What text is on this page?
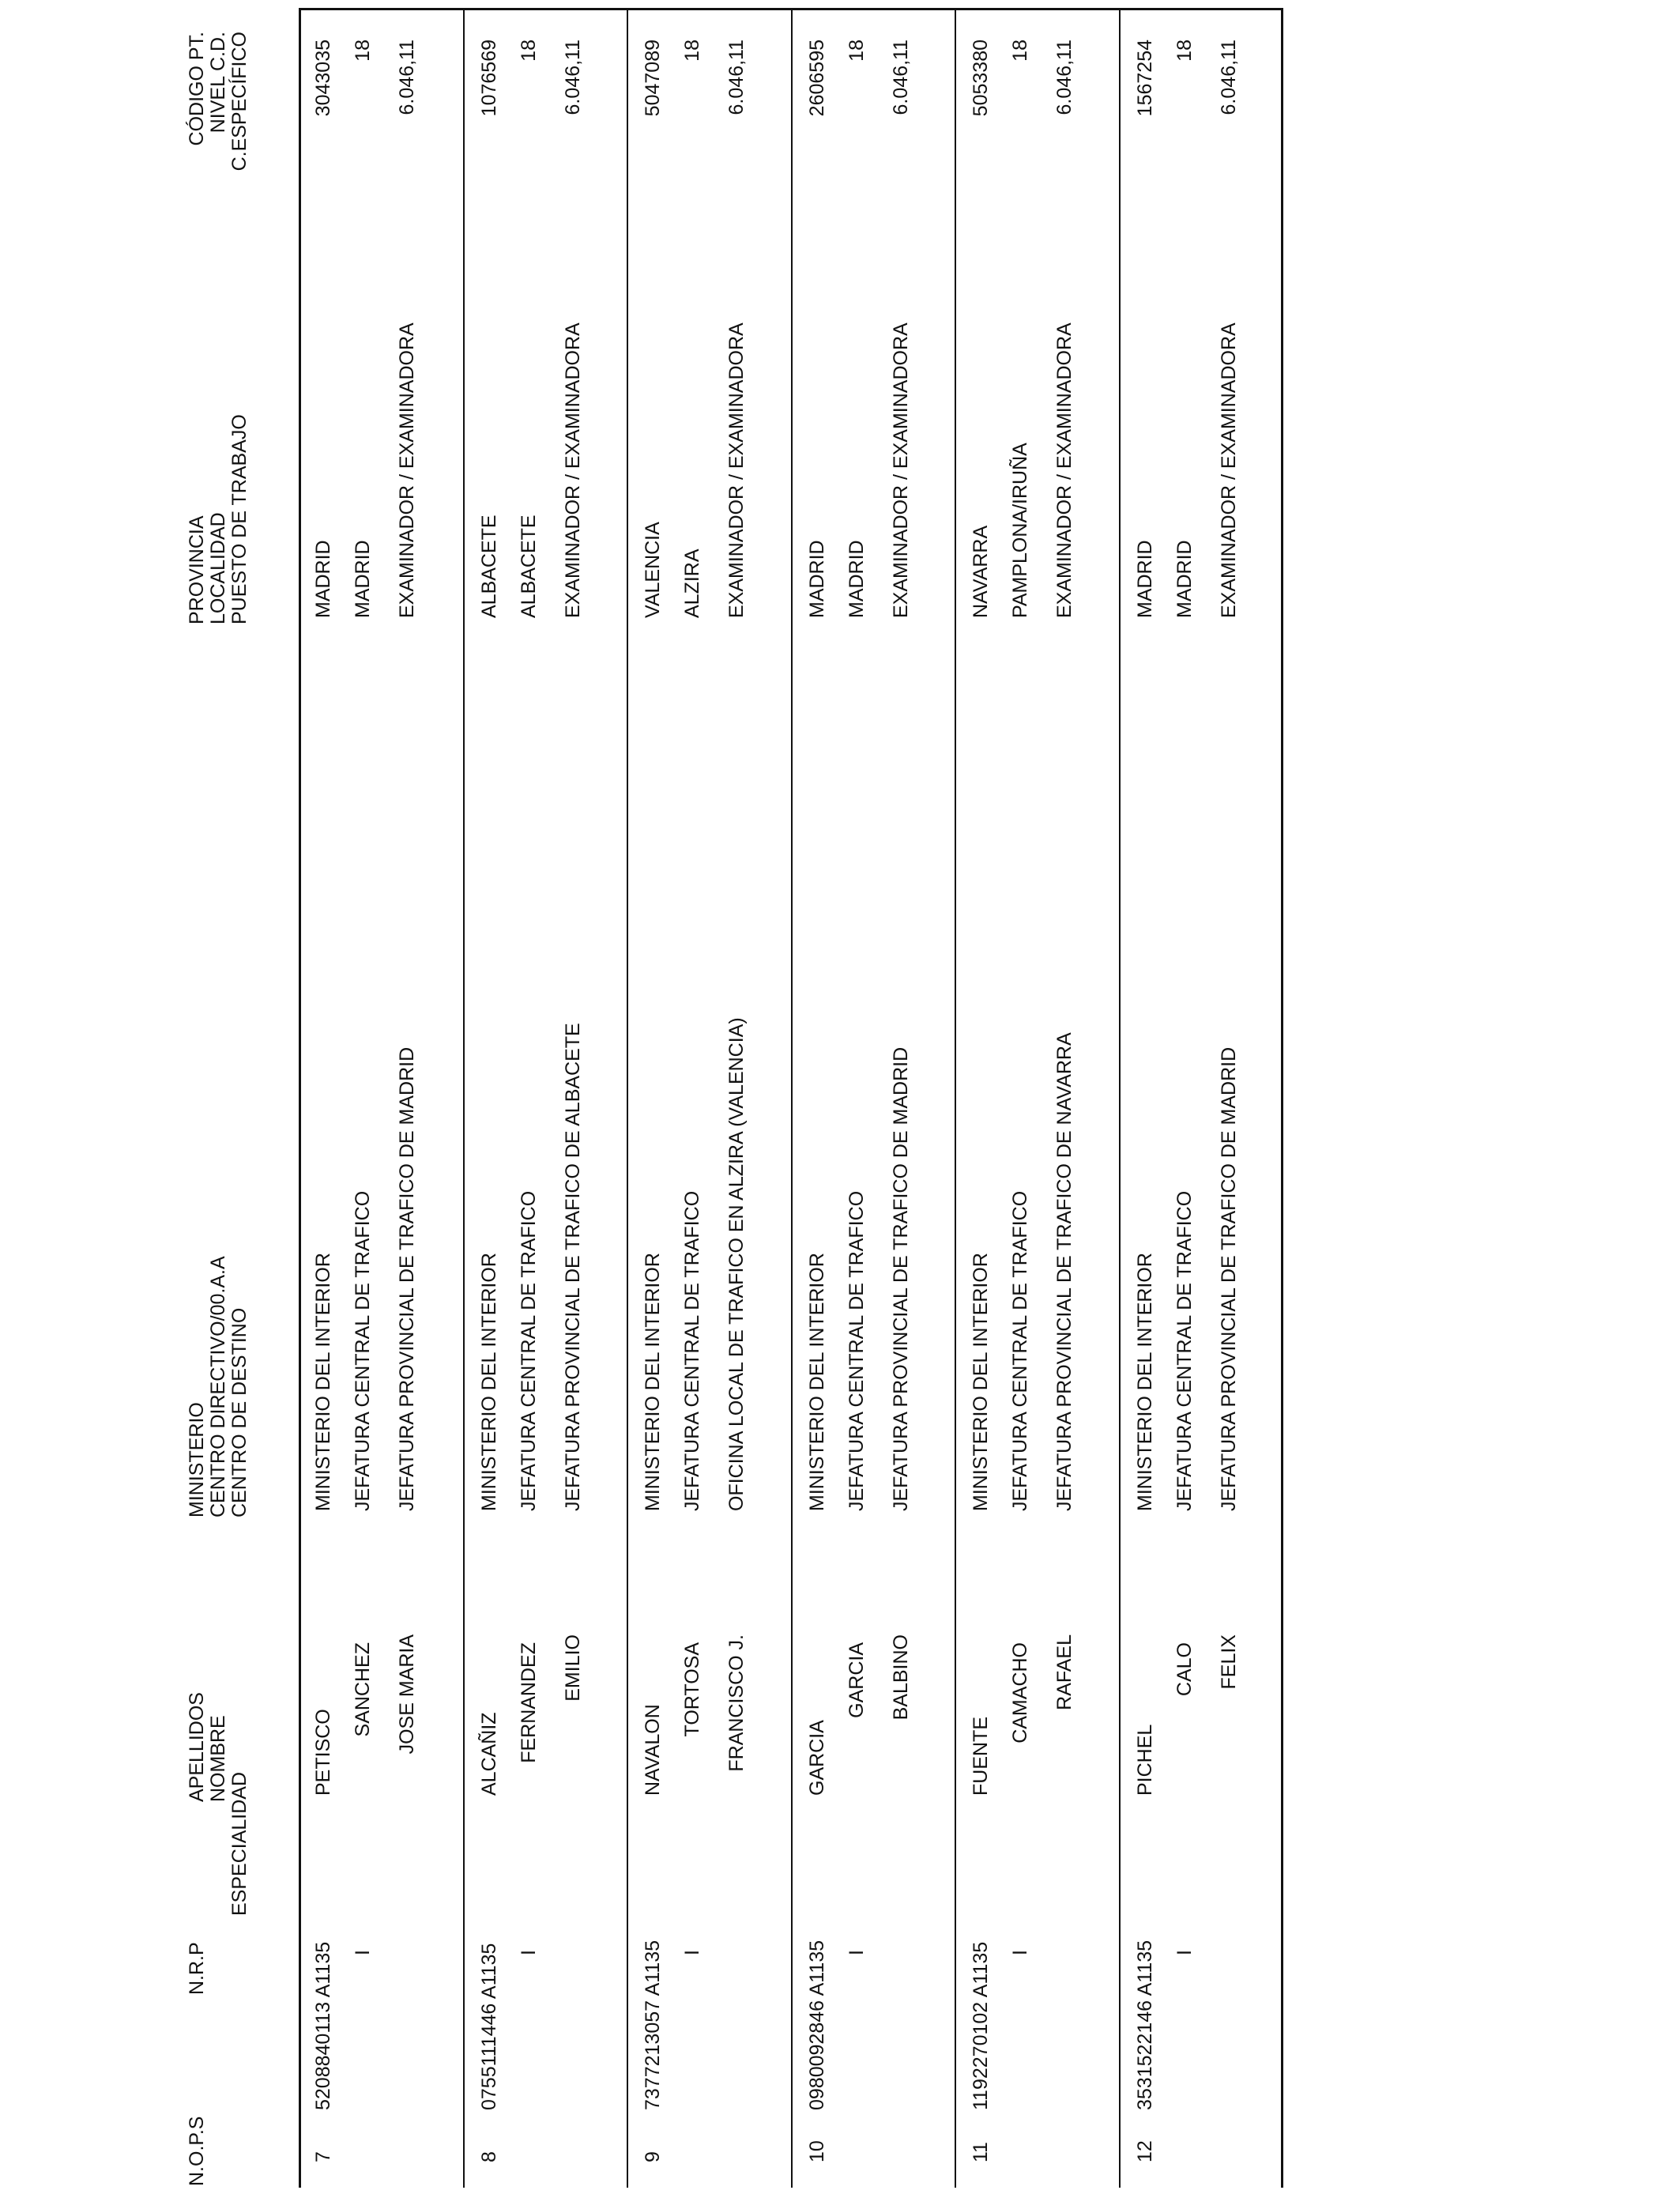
N.O.P.S
N.R.P
ESPECIALIDAD
APELLIDOS NOMBRE
MINISTERIO CENTRO DIRECTIVO/00.A.A CENTRO DE DESTINO
PROVINCIA LOCALIDAD PUESTO DE TRABAJO
CÓDIGO PT. NIVEL C.D. C.ESPECÍFICO
7
5208840113 A1135 I
PETISCO
SANCHEZ JOSE MARIA
MINISTERIO DEL INTERIOR JEFATURA CENTRAL DE TRAFICO JEFATURA PROVINCIAL DE TRAFICO DE MADRID
MADRID MADRID EXAMINADOR / EXAMINADORA
3043035 18 6.046,11
8
0755111446 A1135 I
ALCAÑIZ FERNANDEZ EMILIO
MINISTERIO DEL INTERIOR JEFATURA CENTRAL DE TRAFICO JEFATURA PROVINCIAL DE TRAFICO DE ALBACETE
ALBACETE ALBACETE EXAMINADOR / EXAMINADORA
1076569 18 6.046,11
9
7377213057 A1135 I
NAVALON
TORTOSA FRANCISCO J.
MINISTERIO DEL INTERIOR JEFATURA CENTRAL DE TRAFICO OFICINA LOCAL DE TRAFICO EN ALZIRA (VALENCIA)
VALENCIA ALZIRA EXAMINADOR / EXAMINADORA
5047089 18 6.046,11
10
0980092846 A1135 I
GARCIA
GARCIA BALBINO
MINISTERIO DEL INTERIOR JEFATURA CENTRAL DE TRAFICO JEFATURA PROVINCIAL DE TRAFICO DE MADRID
MADRID MADRID EXAMINADOR / EXAMINADORA
2606595 18 6.046,11
11
1192270102 A1135 I
FUENTE
CAMACHO RAFAEL
MINISTERIO DEL INTERIOR JEFATURA CENTRAL DE TRAFICO JEFATURA PROVINCIAL DE TRAFICO DE NAVARRA
NAVARRA PAMPLONA/IRUÑA EXAMINADOR / EXAMINADORA
5053380 18 6.046,11
12
3531522146 A1135 I
PICHEL
CALO FELIX
MINISTERIO DEL INTERIOR JEFATURA CENTRAL DE TRAFICO JEFATURA PROVINCIAL DE TRAFICO DE MADRID
MADRID MADRID EXAMINADOR / EXAMINADORA
1567254 18 6.046,11
